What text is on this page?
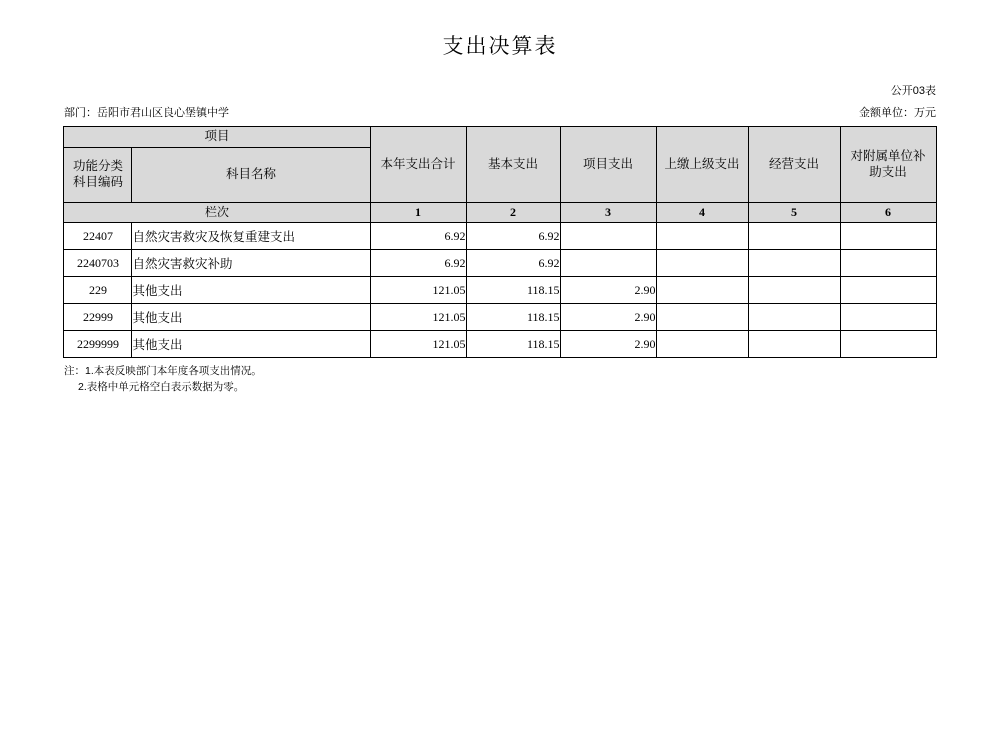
支出决算表
公开03表
部门：岳阳市君山区良心堡镇中学	金额单位：万元
项目		本年支出合计	基本支出	项目支出	上缴上级支出	经营支出	对附属单位补
助支出

功能分类
科目编码	科目名称						
栏次		1	2	3	4	5	6
22407	自然灾害救灾及恢复重建支出	6.92	6.92				
2240703	自然灾害救灾补助	6.92	6.92				
229	其他支出	121.05	118.15	2.90			
22999	其他支出	121.05	118.15	2.90			
2299999	其他支出	121.05	118.15	2.90			
注：1.本表反映部门本年度各项支出情况。
2.表格中单元格空白表示数据为零。
